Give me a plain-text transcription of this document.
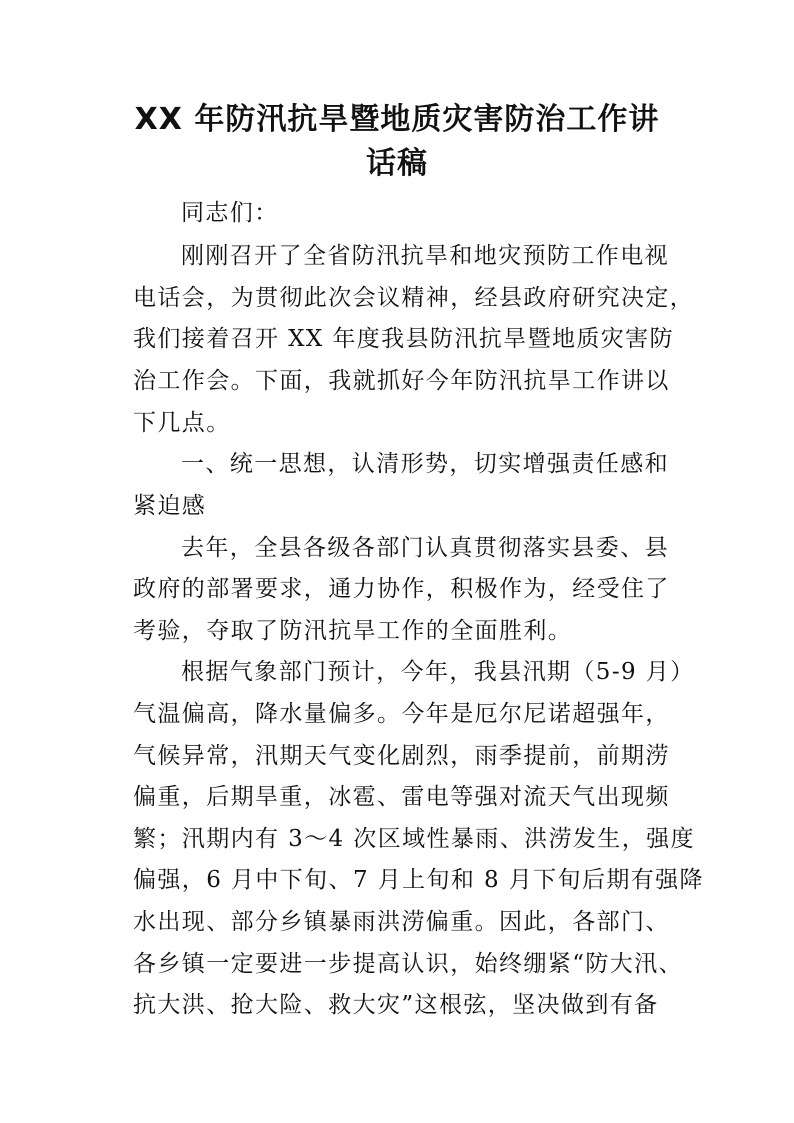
XX 年防汛抗旱暨地质灾害防治工作讲
话稿
同志们：
刚刚召开了全省防汛抗旱和地灾预防工作电视
电话会，为贯彻此次会议精神，经县政府研究决定，
我们接着召开 XX 年度我县防汛抗旱暨地质灾害防
治工作会。下面，我就抓好今年防汛抗旱工作讲以
下几点。
一、统一思想，认清形势，切实增强责任感和
紧迫感
去年，全县各级各部门认真贯彻落实县委、县
政府的部署要求，通力协作，积极作为，经受住了
考验，夺取了防汛抗旱工作的全面胜利。
根据气象部门预计，今年，我县汛期（5-9 月）
气温偏高，降水量偏多。今年是厄尔尼诺超强年，
气候异常，汛期天气变化剧烈，雨季提前，前期涝
偏重，后期旱重，冰雹、雷电等强对流天气出现频
繁；汛期内有 3～4 次区域性暴雨、洪涝发生，强度
偏强，6 月中下旬、7 月上旬和 8 月下旬后期有强降
水出现、部分乡镇暴雨洪涝偏重。因此，各部门、
各乡镇一定要进一步提高认识，始终绷紧“防大汛、
抗大洪、抢大险、救大灾”这根弦，坚决做到有备
